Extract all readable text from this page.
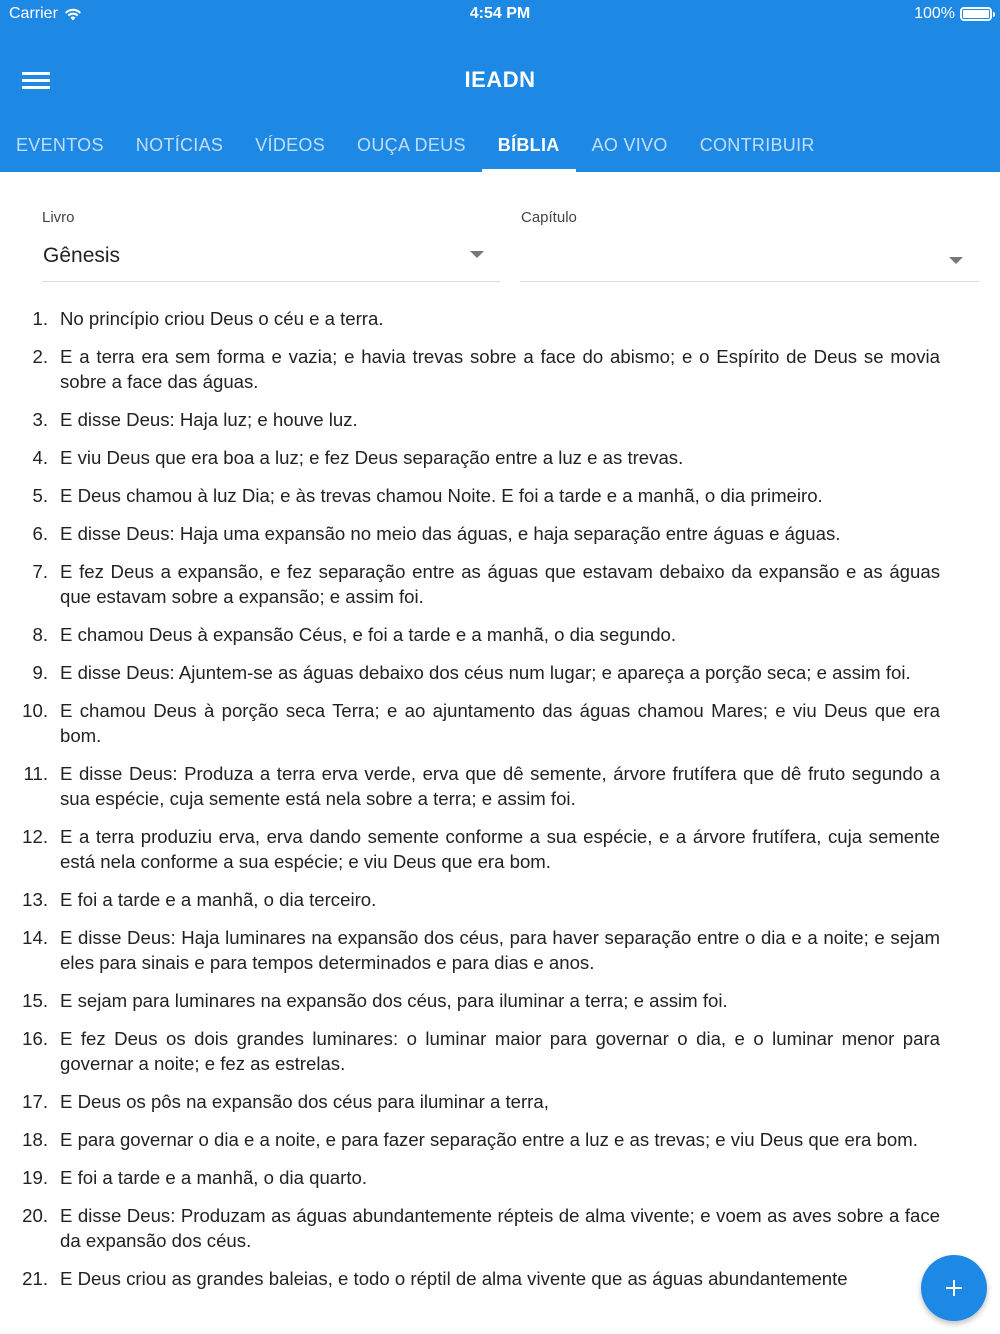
Carrier	4:54 PM	100%
IEADN
EVENTOS	NOTÍCIAS	VÍDEOS	OUÇA DEUS	BÍBLIA	AO VIVO	CONTRIBUIR
Livro
Gênesis
Capítulo
1. No princípio criou Deus o céu e a terra.
2. E a terra era sem forma e vazia; e havia trevas sobre a face do abismo; e o Espírito de Deus se movia sobre a face das águas.
3. E disse Deus: Haja luz; e houve luz.
4. E viu Deus que era boa a luz; e fez Deus separação entre a luz e as trevas.
5. E Deus chamou à luz Dia; e às trevas chamou Noite. E foi a tarde e a manhã, o dia primeiro.
6. E disse Deus: Haja uma expansão no meio das águas, e haja separação entre águas e águas.
7. E fez Deus a expansão, e fez separação entre as águas que estavam debaixo da expansão e as águas que estavam sobre a expansão; e assim foi.
8. E chamou Deus à expansão Céus, e foi a tarde e a manhã, o dia segundo.
9. E disse Deus: Ajuntem-se as águas debaixo dos céus num lugar; e apareça a porção seca; e assim foi.
10. E chamou Deus à porção seca Terra; e ao ajuntamento das águas chamou Mares; e viu Deus que era bom.
11. E disse Deus: Produza a terra erva verde, erva que dê semente, árvore frutífera que dê fruto segundo a sua espécie, cuja semente está nela sobre a terra; e assim foi.
12. E a terra produziu erva, erva dando semente conforme a sua espécie, e a árvore frutífera, cuja semente está nela conforme a sua espécie; e viu Deus que era bom.
13. E foi a tarde e a manhã, o dia terceiro.
14. E disse Deus: Haja luminares na expansão dos céus, para haver separação entre o dia e a noite; e sejam eles para sinais e para tempos determinados e para dias e anos.
15. E sejam para luminares na expansão dos céus, para iluminar a terra; e assim foi.
16. E fez Deus os dois grandes luminares: o luminar maior para governar o dia, e o luminar menor para governar a noite; e fez as estrelas.
17. E Deus os pôs na expansão dos céus para iluminar a terra,
18. E para governar o dia e a noite, e para fazer separação entre a luz e as trevas; e viu Deus que era bom.
19. E foi a tarde e a manhã, o dia quarto.
20. E disse Deus: Produzam as águas abundantemente répteis de alma vivente; e voem as aves sobre a face da expansão dos céus.
21. E Deus criou as grandes baleias, e todo o réptil de alma vivente que as águas abundantemente
